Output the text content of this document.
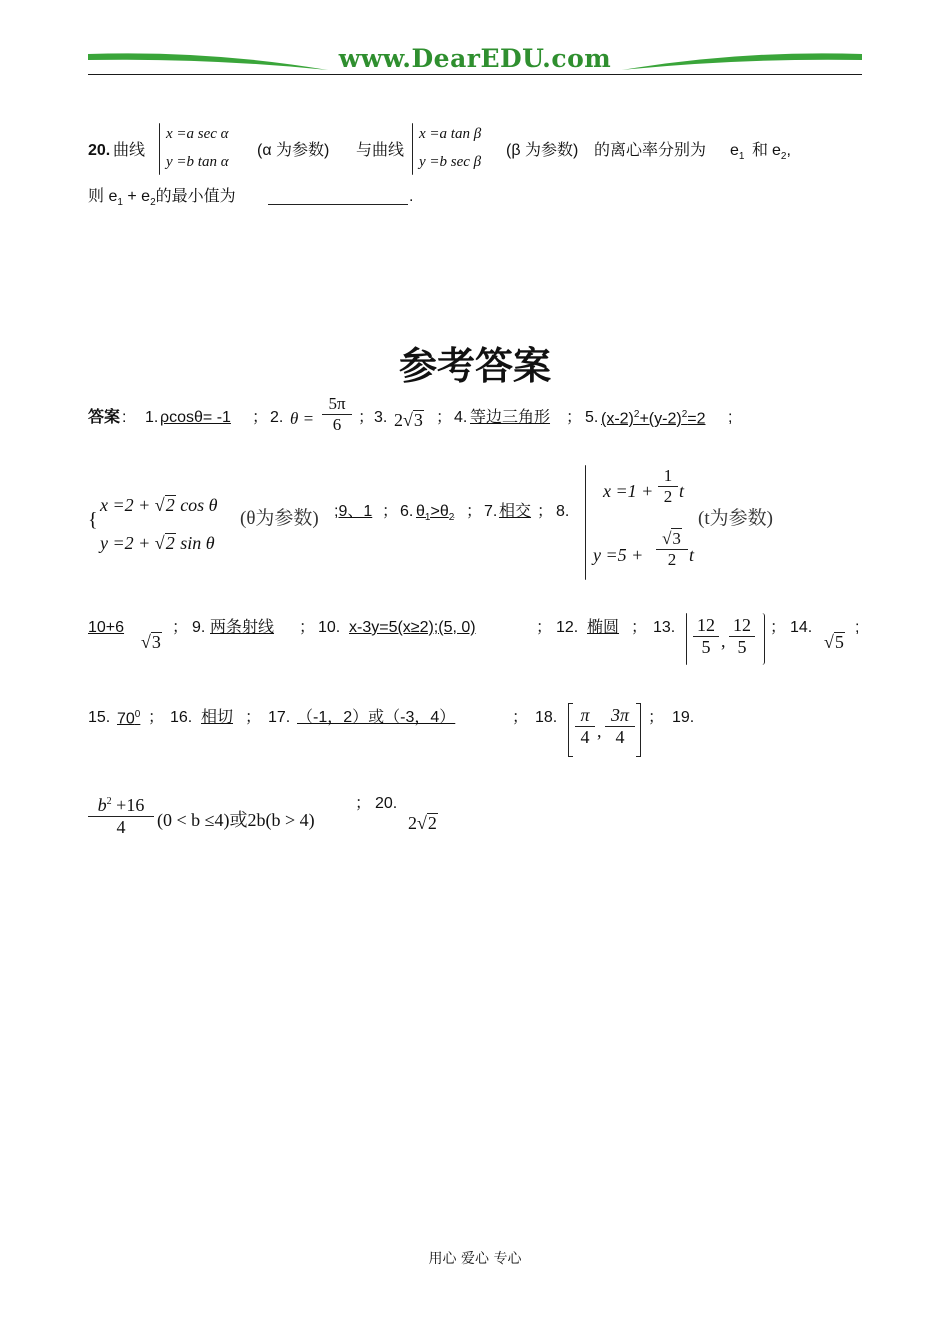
www.DearEDU.com
20. 曲线
x =a sec α
y =b tan α
(α 为参数) 与曲线
x =a tan β
y =b sec β
(β 为参数) 的离心率分别为 $e_1$ 和 $e_2$,
则 $e_1 + e_2$的最小值为	.
参考答案
答案 : 1. ρcosθ= -1 ； 2. $\theta = \frac{5\pi}{6}$ ； 3. 2√3 ； 4. 等边三角形 ； 5. $(x-2)^2+(y-2)^2=2$ ;
{
x =2 + √2 cos θ
y =2 + √2 sin θ
(θ为参数) ;9、1 ； 6. $\theta_1>\theta_2$ ； 7. 相交 ； 8.
$x =1 + \frac{1}{2}$ t
$y =5 + \frac{√3}{2}$ t
(t为参数)
10+6
√3
； 9. 两条射线 ； 10. x-3y=5(x≥2);(5, 0)	； 12. 椭圆 ； 13. $\frac{12}{5}$ , $\frac{12}{5}$ ； 14.
√5
;
15. $70^0$ ； 16. 相切 ； 17. （-1，2）或（-3，4）	； 18. $\frac{\pi}{4}$ , $\frac{3\pi}{4}$ ； 19.
$\frac{b^2 +16}{4} (0 < b \le 4)$或2b(b > 4)
； 20.
2√2
用心 爱心 专心
